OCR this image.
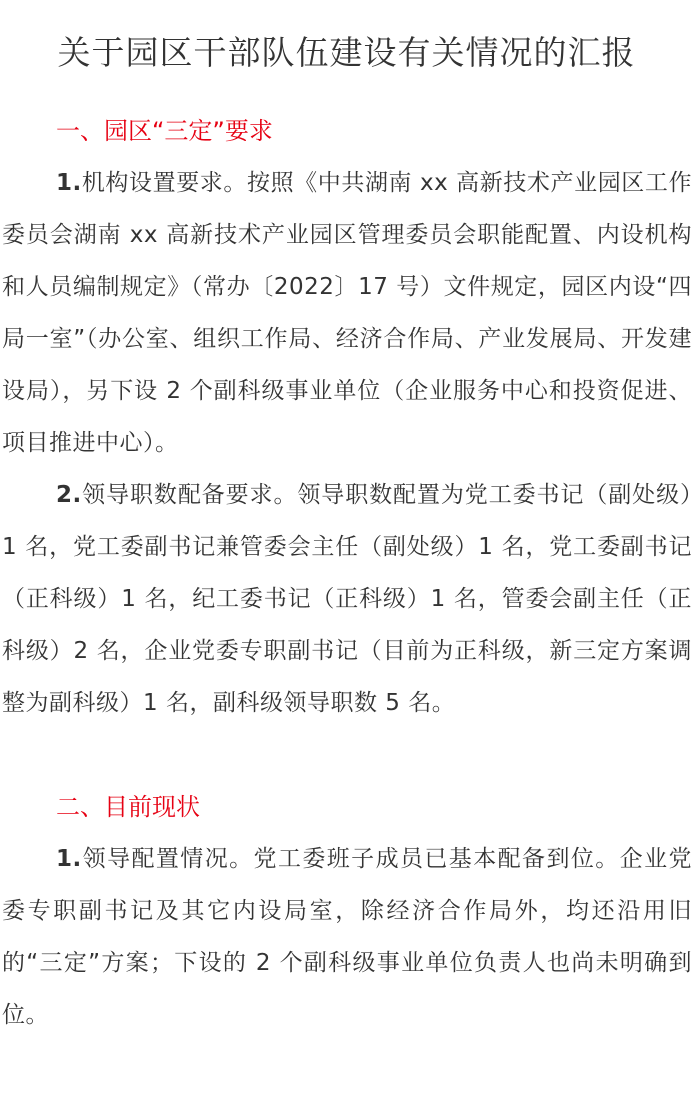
关于园区干部队伍建设有关情况的汇报
一、园区“三定”要求

1.机构设置要求。按照《中共湖南 xx 高新技术产业园区工作委员会湖南 xx 高新技术产业园区管理委员会职能配置、内设机构和人员编制规定》（常办〔2022〕17 号）文件规定，园区内设“四局一室”（办公室、组织工作局、经济合作局、产业发展局、开发建设局），另下设 2 个副科级事业单位（企业服务中心和投资促进、项目推进中心）。

2.领导职数配备要求。领导职数配置为党工委书记（副处级）1 名，党工委副书记兼管委会主任（副处级）1 名，党工委副书记（正科级）1 名，纪工委书记（正科级）1 名，管委会副主任（正科级）2 名，企业党委专职副书记（目前为正科级，新三定方案调整为副科级）1 名，副科级领导职数 5 名。

二、目前现状

1.领导配置情况。党工委班子成员已基本配备到位。企业党委专职副书记及其它内设局室，除经济合作局外，均还沿用旧的“三定”方案；下设的 2 个副科级事业单位负责人也尚未明确到位。
